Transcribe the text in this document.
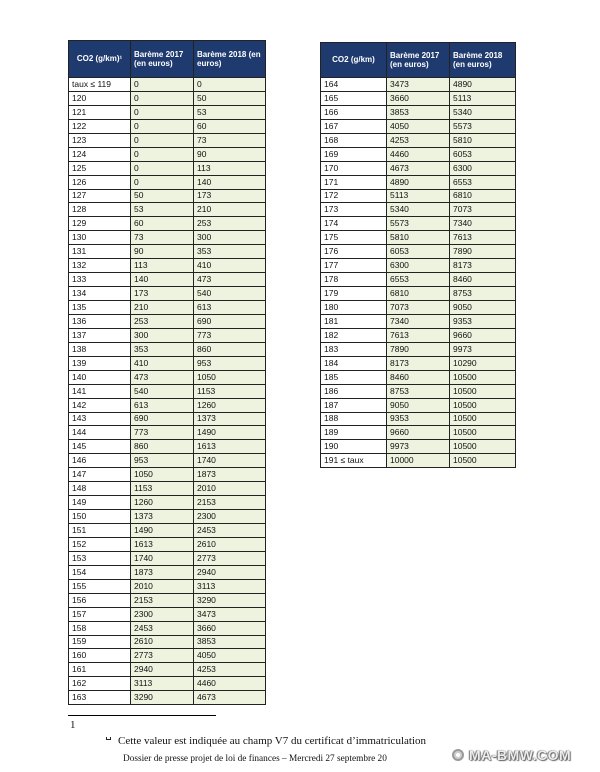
CO2 (g/km)¹	Barème 2017 (en euros)	Barème 2018 (en euros)
taux ≤ 119	0	0
120	0	50
121	0	53
122	0	60
123	0	73
124	0	90
125	0	113
126	0	140
127	50	173
128	53	210
129	60	253
130	73	300
131	90	353
132	113	410
133	140	473
134	173	540
135	210	613
136	253	690
137	300	773
138	353	860
139	410	953
140	473	1050
141	540	1153
142	613	1260
143	690	1373
144	773	1490
145	860	1613
146	953	1740
147	1050	1873
148	1153	2010
149	1260	2153
150	1373	2300
151	1490	2453
152	1613	2610
153	1740	2773
154	1873	2940
155	2010	3113
156	2153	3290
157	2300	3473
158	2453	3660
159	2610	3853
160	2773	4050
161	2940	4253
162	3113	4460
163	3290	4673
CO2 (g/km)	Barème 2017 (en euros)	Barème 2018 (en euros)
164	3473	4890
165	3660	5113
166	3853	5340
167	4050	5573
168	4253	5810
169	4460	6053
170	4673	6300
171	4890	6553
172	5113	6810
173	5340	7073
174	5573	7340
175	5810	7613
176	6053	7890
177	6300	8173
178	6553	8460
179	6810	8753
180	7073	9050
181	7340	9353
182	7613	9660
183	7890	9973
184	8173	10290
185	8460	10500
186	8753	10500
187	9050	10500
188	9353	10500
189	9660	10500
190	9973	10500
191 ≤ taux	10000	10500
1
Cette valeur est indiquée au champ V7 du certificat d’immatriculation
Dossier de presse projet de loi de finances – Mercredi 27 septembre 20	MA-BMW.COM
